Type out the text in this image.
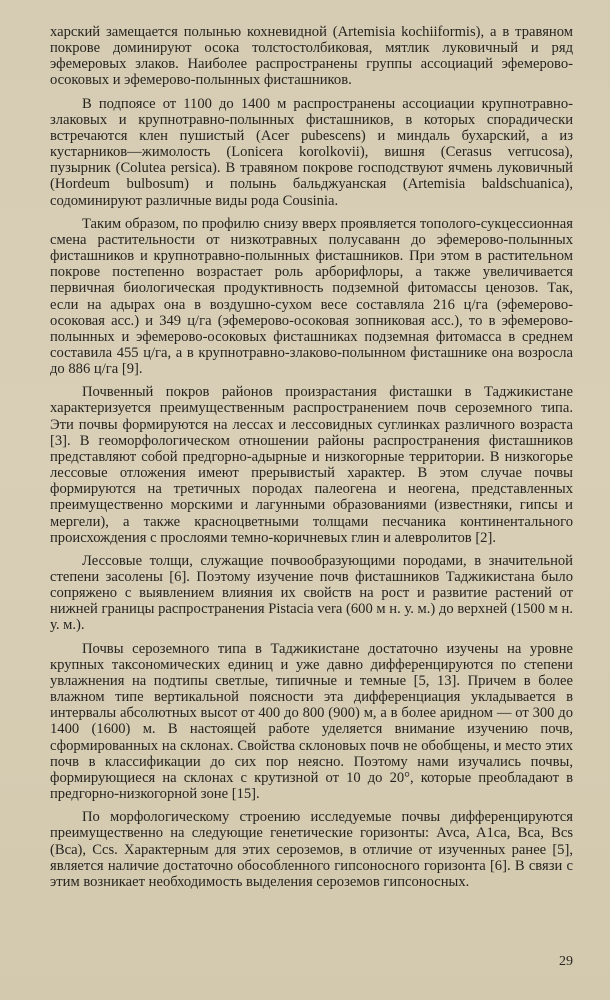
харский замещается полынью кохневидной (Artemisia kochiiformis), а в травяном покрове доминируют осока толстостолбиковая, мятлик луковичный и ряд эфемеровых злаков. Наиболее распространены группы ассоциаций эфемерово-осоковых и эфемерово-полынных фисташников.

В подпоясе от 1100 до 1400 м распространены ассоциации крупнотравно-злаковых и крупнотравно-полынных фисташников, в которых спорадически встречаются клен пушистый (Acer pubescens) и миндаль бухарский, а из кустарников—жимолость (Lonicera korolkovii), вишня (Cerasus verrucosa), пузырник (Colutea persica). В травяном покрове господствуют ячмень луковичный (Hordeum bulbosum) и полынь бальджуанская (Artemisia baldschuanica), содоминируют различные виды рода Cousinia.

Таким образом, по профилю снизу вверх проявляется тополого-сукцессионная смена растительности от низкотравных полусаванн до эфемерово-полынных фисташников и крупнотравно-полынных фисташников. При этом в растительном покрове постепенно возрастает роль арборифлоры, а также увеличивается первичная биологическая продуктивность подземной фитомассы ценозов. Так, если на адырах она в воздушно-сухом весе составляла 216 ц/га (эфемерово-осоковая асс.) и 349 ц/га (эфемерово-осоковая зопниковая асс.), то в эфемерово-полынных и эфемерово-осоковых фисташниках подземная фитомасса в среднем составила 455 ц/га, а в крупнотравно-злаково-полынном фисташнике она возросла до 886 ц/га [9].

Почвенный покров районов произрастания фисташки в Таджикистане характеризуется преимущественным распространением почв сероземного типа. Эти почвы формируются на лессах и лессовидных суглинках различного возраста [3]. В геоморфологическом отношении районы распространения фисташников представляют собой предгорно-адырные и низкогорные территории. В низкогорье лессовые отложения имеют прерывистый характер. В этом случае почвы формируются на третичных породах палеогена и неогена, представленных преимущественно морскими и лагунными образованиями (известняки, гипсы и мергели), а также красноцветными толщами песчаника континентального происхождения с прослоями темно-коричневых глин и алевролитов [2].

Лессовые толщи, служащие почвообразующими породами, в значительной степени засолены [6]. Поэтому изучение почв фисташников Таджикистана было сопряжено с выявлением влияния их свойств на рост и развитие растений от нижней границы распространения Pistacia vera (600 м н. у. м.) до верхней (1500 м н. у. м.).

Почвы сероземного типа в Таджикистане достаточно изучены на уровне крупных таксономических единиц и уже давно дифференцируются по степени увлажнения на подтипы светлые, типичные и темные [5, 13]. Причем в более влажном типе вертикальной поясности эта дифференциация укладывается в интервалы абсолютных высот от 400 до 800 (900) м, а в более аридном — от 300 до 1400 (1600) м. В настоящей работе уделяется внимание изучению почв, сформированных на склонах. Свойства склоновых почв не обобщены, и место этих почв в классификации до сих пор неясно. Поэтому нами изучались почвы, формирующиеся на склонах с крутизной от 10 до 20°, которые преобладают в предгорно-низкогорной зоне [15].

По морфологическому строению исследуемые почвы дифференцируются преимущественно на следующие генетические горизонты: Avca, A1ca, Bca, Bcs (Bca), Ccs. Характерным для этих сероземов, в отличие от изученных ранее [5], является наличие достаточно обособленного гипсоносного горизонта [6]. В связи с этим возникает необходимость выделения сероземов гипсоносных.

29
